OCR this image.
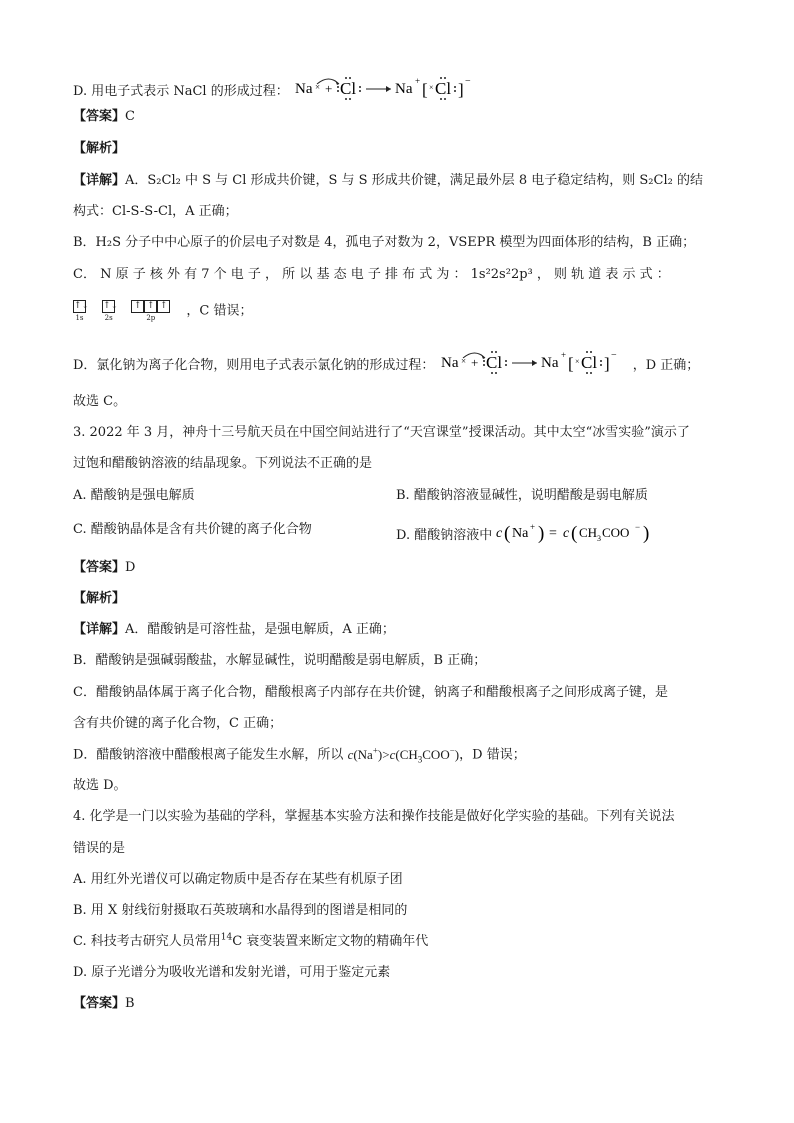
D. 用电子式表示 NaCl 的形成过程： Na × + Cl	Na + [ × Cl ] −
【答案】C
【解析】
【详解】A．S₂Cl₂ 中 S 与 Cl 形成共价键，S 与 S 形成共价键，满足最外层 8 电子稳定结构，则 S₂Cl₂ 的结
构式：Cl-S-S-Cl，A 正确；
B．H₂S 分子中中心原子的价层电子对数是 4，孤电子对数为 2，VSEPR 模型为四面体形的结构，B 正确；
C． N 原 子 核 外 有 7 个 电 子 ， 所 以 基 态 电 子 排 布 式 为 ： 1s²2s²2p³ ， 则 轨 道 表 示 式 ：
↑↓
1s
↑↓
2s
↑ ↑ ↑
2p	，C 错误；
D．氯化钠为离子化合物，则用电子式表示氯化钠的形成过程： Na × + Cl	Na + [ × Cl ] −
，D 正确；
故选 C。
3. 2022 年 3 月，神舟十三号航天员在中国空间站进行了“天宫课堂”授课活动。其中太空“冰雪实验”演示了
过饱和醋酸钠溶液的结晶现象。下列说法不正确的是
A. 醋酸钠是强电解质	B. 醋酸钠溶液显碱性，说明醋酸是弱电解质
C. 醋酸钠晶体是含有共价键的离子化合物	D. 醋酸钠溶液中 c ( Na + ) = c ( CH 3 COO − )
【答案】D
【解析】
【详解】A．醋酸钠是可溶性盐，是强电解质，A 正确；
B．醋酸钠是强碱弱酸盐，水解显碱性，说明醋酸是弱电解质，B 正确；
C．醋酸钠晶体属于离子化合物，醋酸根离子内部存在共价键，钠离子和醋酸根离子之间形成离子键，是
含有共价键的离子化合物，C 正确；
D．醋酸钠溶液中醋酸根离子能发生水解，所以 $c(Na^+)>c(CH_3COO^-)$，D 错误；
故选 D。
4. 化学是一门以实验为基础的学科，掌握基本实验方法和操作技能是做好化学实验的基础。下列有关说法
错误的是
A. 用红外光谱仪可以确定物质中是否存在某些有机原子团
B. 用 X 射线衍射摄取石英玻璃和水晶得到的图谱是相同的
C. 科技考古研究人员常用$^{14}$C 衰变装置来断定文物的精确年代
D. 原子光谱分为吸收光谱和发射光谱，可用于鉴定元素
【答案】B
